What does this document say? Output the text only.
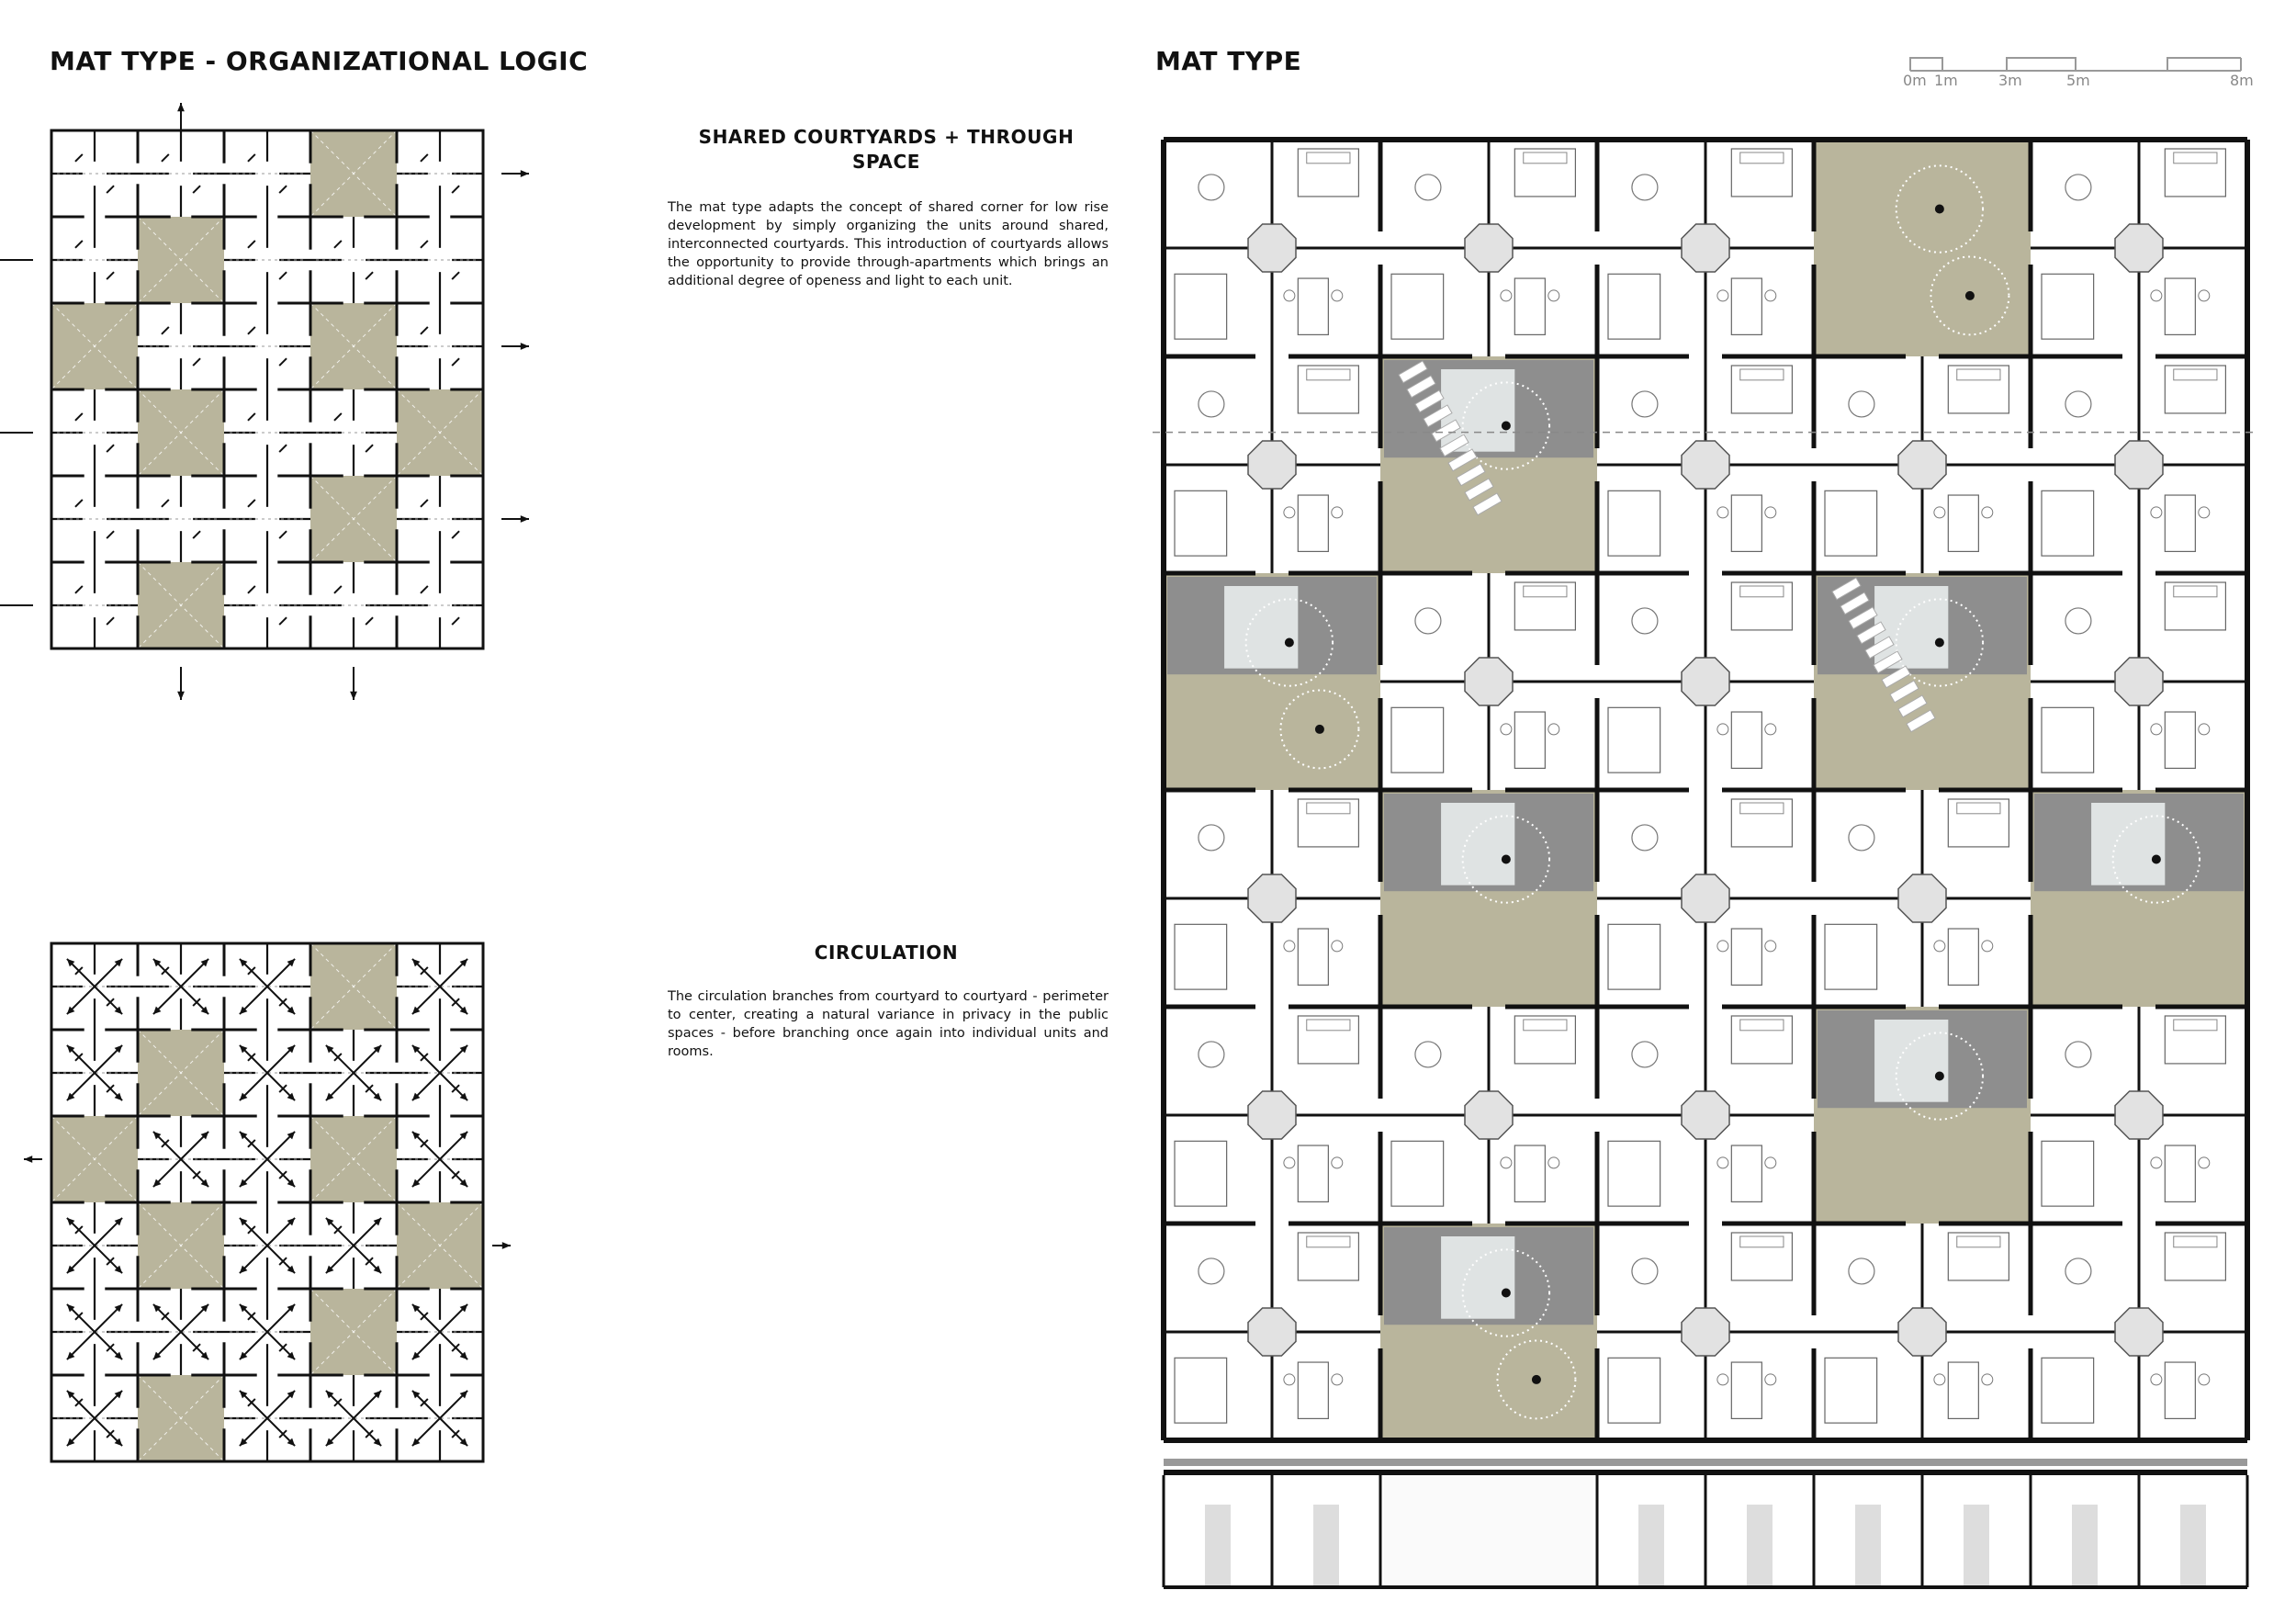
MAT TYPE - ORGANIZATIONAL LOGIC
SHARED COURTYARDS + THROUGH SPACE
The mat type adapts the concept of shared corner for low rise development by simply organizing the units around shared, interconnected courtyards. This introduction of courtyards allows the opportunity to provide through-apartments which brings an additional degree of openess and light to each unit.
CIRCULATION
The circulation branches from courtyard to courtyard - perimeter to center, creating a natural variance in privacy in the public spaces - before branching once again into individual units and rooms.
MAT TYPE
0m 1m	3m	5m	8m
